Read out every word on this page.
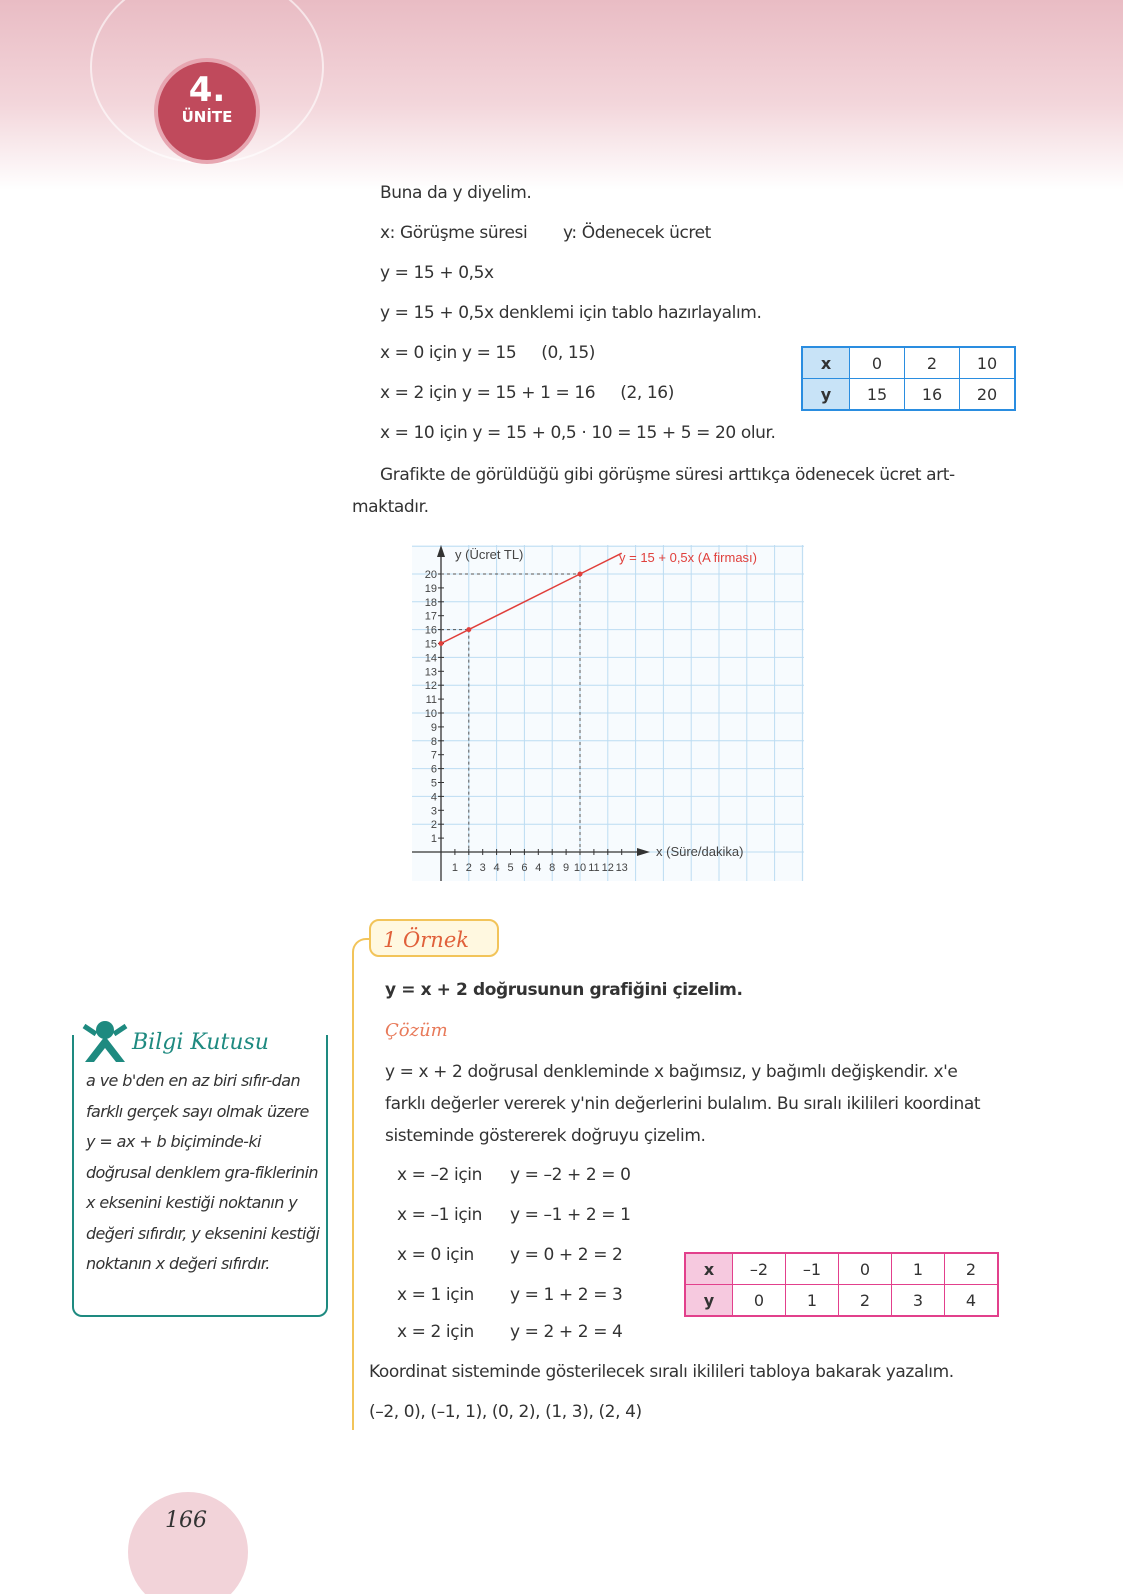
4.
ÜNİTE
Buna da y diyelim.
x: Görüşme süresi y: Ödenecek ücret
y = 15 + 0,5x
y = 15 + 0,5x denklemi için tablo hazırlayalım.
x = 0 için y = 15     (0, 15)
x = 2 için y = 15 + 1 = 16     (2, 16)
x = 10 için y = 15 + 0,5 · 10 = 15 + 5 = 20 olur.
Grafikte de görüldüğü gibi görüşme süresi arttıkça ödenecek ücret art-
maktadır.
x	0	2	10
y	15	16	20
1 2 3 4 5 6 4 8 9 10 11 12 13
1
2
3
4
5
6
7
8
9
10
11
12
13
14
15
16
17
18
19
20
y = 15 + 0,5x (A firması)
y (Ücret TL)
x (Süre/dakika)
1 Örnek
y = x + 2 doğrusunun grafiğini çizelim.
Çözüm
y = x + 2 doğrusal denkleminde x bağımsız, y bağımlı değişkendir. x'e
farklı değerler vererek y'nin değerlerini bulalım. Bu sıralı ikilileri koordinat
sisteminde göstererek doğruyu çizelim.
x = –2 için y = –2 + 2 = 0
x = –1 için y = –1 + 2 = 1
x = 0 için y = 0 + 2 = 2
x = 1 için y = 1 + 2 = 3
x = 2 için y = 2 + 2 = 4
x	–2	–1	0	1	2
y	0	1	2	3	4
Koordinat sisteminde gösterilecek sıralı ikilileri tabloya bakarak yazalım.
(–2, 0), (–1, 1), (0, 2), (1, 3), (2, 4)
Bilgi Kutusu
a ve b'den en az biri sıfır-dan farklı gerçek sayı olmak üzere y = ax + b biçiminde-ki doğrusal denklem gra-fiklerinin x eksenini kestiği noktanın y değeri sıfırdır, y eksenini kestiği noktanın x değeri sıfırdır.
166
